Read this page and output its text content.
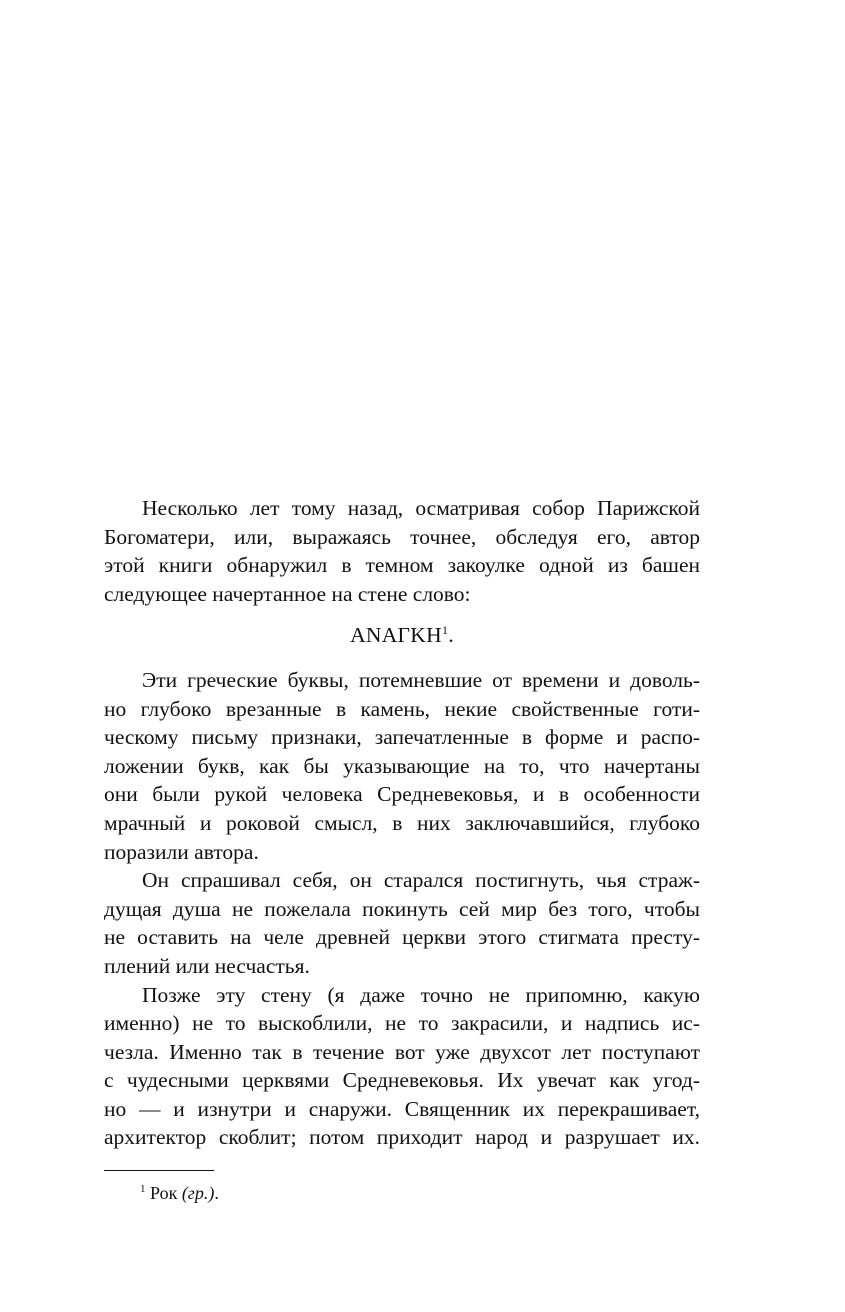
Несколько лет тому назад, осматривая собор Парижской
Богоматери, или, выражаясь точнее, обследуя его, автор
этой книги обнаружил в темном закоулке одной из башен
следующее начертанное на стене слово:
ΑΝΑΓΚΗ$^1$.
Эти греческие буквы, потемневшие от времени и доволь-
но глубоко врезанные в камень, некие свойственные готи-
ческому письму признаки, запечатленные в форме и распо-
ложении букв, как бы указывающие на то, что начертаны
они были рукой человека Средневековья, и в особенности
мрачный и роковой смысл, в них заключавшийся, глубоко
поразили автора.
Он спрашивал себя, он старался постигнуть, чья страж-
дущая душа не пожелала покинуть сей мир без того, чтобы
не оставить на челе древней церкви этого стигмата престу-
плений или несчастья.
Позже эту стену (я даже точно не припомню, какую
именно) не то выскоблили, не то закрасили, и надпись ис-
чезла. Именно так в течение вот уже двухсот лет поступают
с чудесными церквями Средневековья. Их увечат как угод-
но — и изнутри и снаружи. Священник их перекрашивает,
архитектор скоблит; потом приходит народ и разрушает их.
$^1$ Рок (гр.).
